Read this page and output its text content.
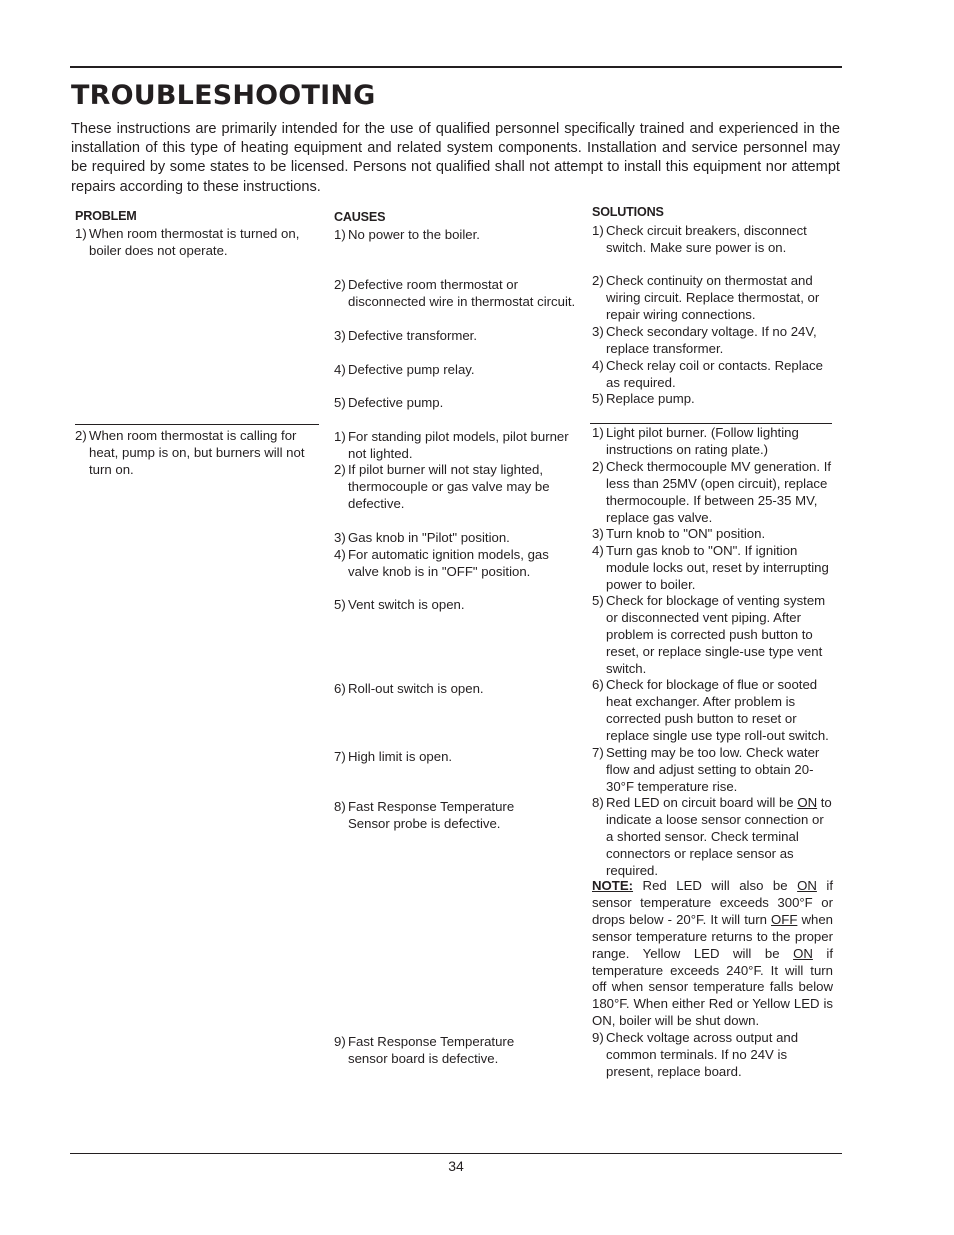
TROUBLESHOOTING

These instructions are primarily intended for the use of qualified personnel specifically trained and experienced in the installation of this type of heating equipment and related system components. Installation and service personnel may be required by some states to be licensed. Persons not qualified shall not attempt to install this equipment nor attempt repairs according to these instructions.

PROBLEM	CAUSES	SOLUTIONS
1) When room thermostat is turned on, boiler does not operate.
1) No power to the boiler.
2) Defective room thermostat or disconnected wire in thermostat circuit.
3) Defective transformer.
4) Defective pump relay.
5) Defective pump.
1) Check circuit breakers, disconnect switch. Make sure power is on.
2) Check continuity on thermostat and wiring circuit. Replace thermostat, or repair wiring connections.
3) Check secondary voltage. If no 24V, replace transformer.
4) Check relay coil or contacts. Replace as required.
5) Replace pump.
2) When room thermostat is calling for heat, pump is on, but burners will not turn on.
1) For standing pilot models, pilot burner not lighted.
2) If pilot burner will not stay lighted, thermocouple or gas valve may be defective.
3) Gas knob in "Pilot" position.
4) For automatic ignition models, gas valve knob is in "OFF" position.
5) Vent switch is open.
6) Roll-out switch is open.
7) High limit is open.
8) Fast Response Temperature Sensor probe is defective.
9) Fast Response Temperature sensor board is defective.
1) Light pilot burner. (Follow lighting instructions on rating plate.)
2) Check thermocouple MV generation. If less than 25MV (open circuit), replace thermocouple. If between 25-35 MV, replace gas valve.
3) Turn knob to "ON" position.
4) Turn gas knob to "ON". If ignition module locks out, reset by interrupting power to boiler.
5) Check for blockage of venting system or disconnected vent piping. After problem is corrected push button to reset, or replace single-use type vent switch.
6) Check for blockage of flue or sooted heat exchanger. After problem is corrected push button to reset or replace single use type roll-out switch.
7) Setting may be too low. Check water flow and adjust setting to obtain 20-30°F temperature rise.
8) Red LED on circuit board will be ON to indicate a loose sensor connection or a shorted sensor. Check terminal connectors or replace sensor as required.
NOTE: Red LED will also be ON if sensor temperature exceeds 300°F or drops below - 20°F. It will turn OFF when sensor temperature returns to the proper range. Yellow LED will be ON if temperature exceeds 240°F. It will turn off when sensor temperature falls below 180°F. When either Red or Yellow LED is ON, boiler will be shut down.
9) Check voltage across output and common terminals. If no 24V is present, replace board.
34
